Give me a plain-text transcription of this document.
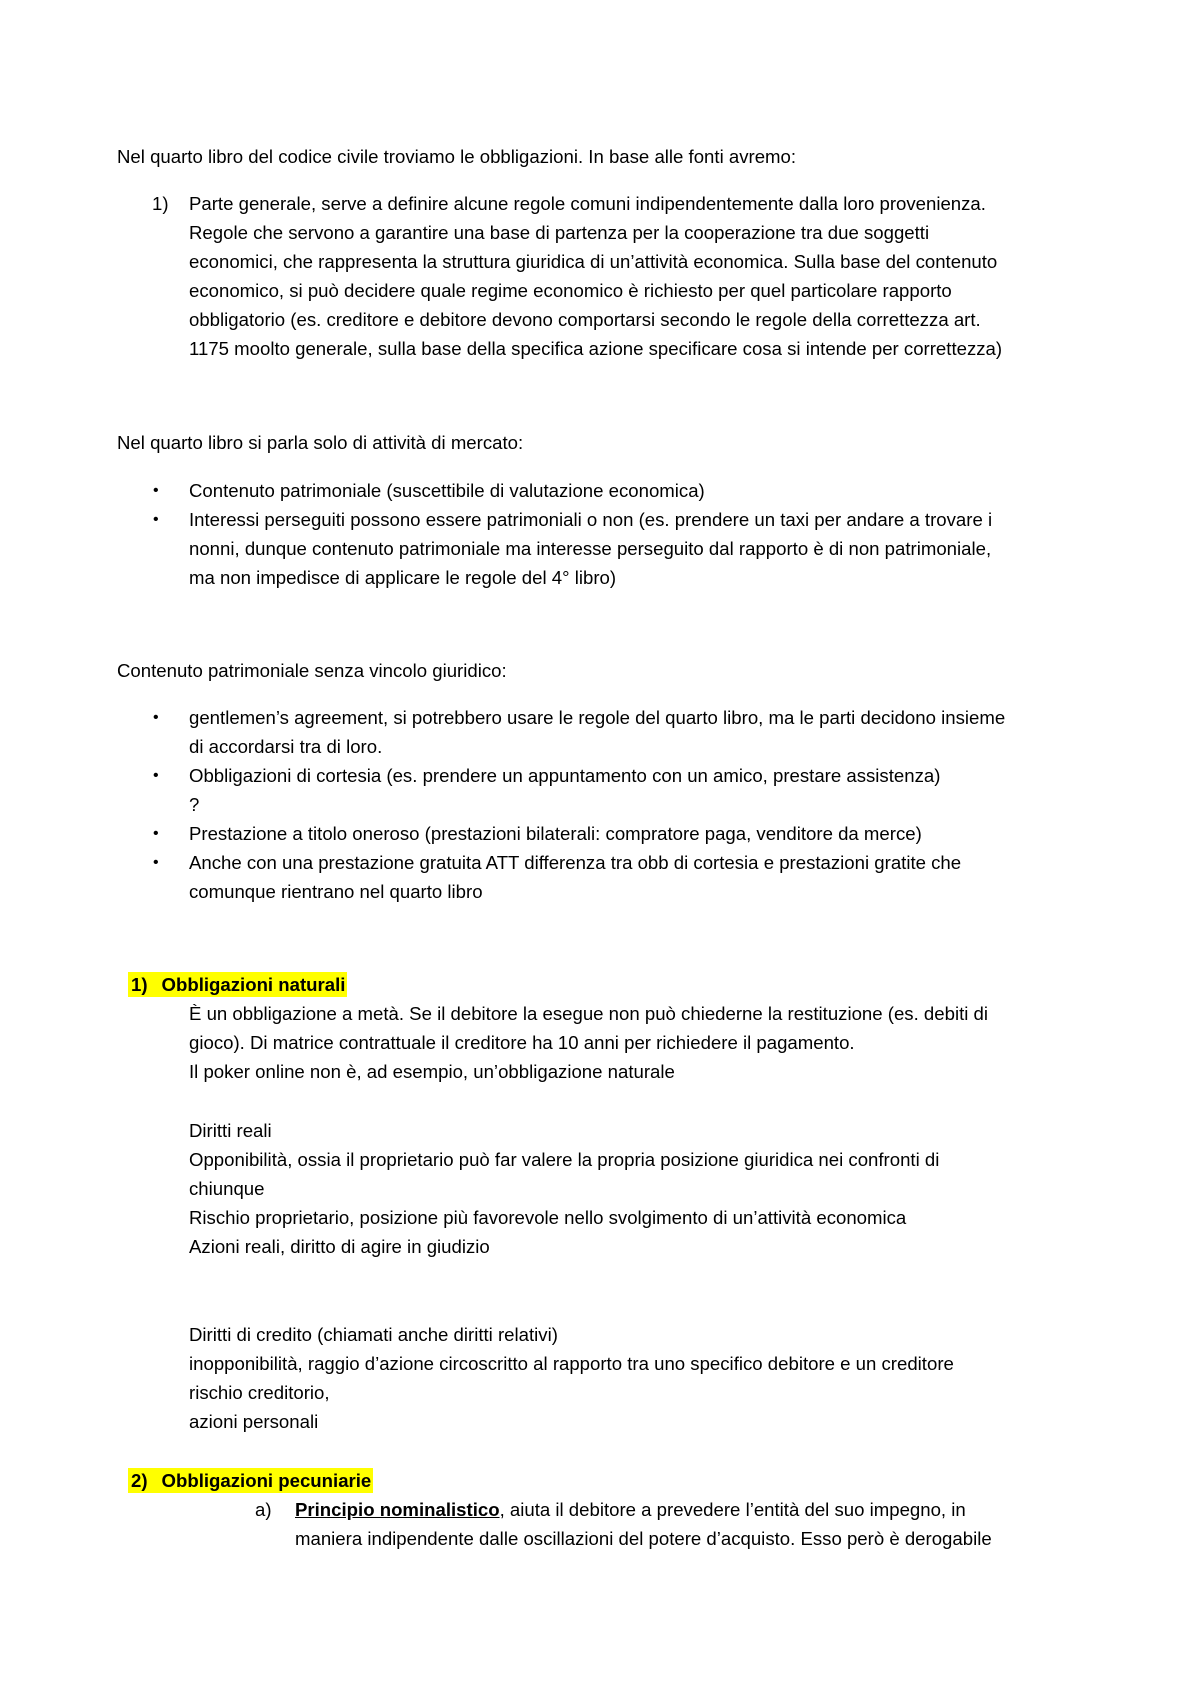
Nel quarto libro del codice civile troviamo le obbligazioni. In base alle fonti avremo:
1) Parte generale, serve a definire alcune regole comuni indipendentemente dalla loro provenienza.
Regole che servono a garantire una base di partenza per la cooperazione tra due soggetti
economici, che rappresenta la struttura giuridica di un’attività economica. Sulla base del contenuto
economico, si può decidere quale regime economico è richiesto per quel particolare rapporto
obbligatorio (es. creditore e debitore devono comportarsi secondo le regole della correttezza art.
1175 moolto generale, sulla base della specifica azione specificare cosa si intende per correttezza)
Nel quarto libro si parla solo di attività di mercato:
• Contenuto patrimoniale (suscettibile di valutazione economica)
• Interessi perseguiti possono essere patrimoniali o non (es. prendere un taxi per andare a trovare i
nonni, dunque contenuto patrimoniale ma interesse perseguito dal rapporto è di non patrimoniale,
ma non impedisce di applicare le regole del 4° libro)
Contenuto patrimoniale senza vincolo giuridico:
• gentlemen’s agreement, si potrebbero usare le regole del quarto libro, ma le parti decidono insieme
di accordarsi tra di loro.
• Obbligazioni di cortesia (es. prendere un appuntamento con un amico, prestare assistenza)
?
• Prestazione a titolo oneroso (prestazioni bilaterali: compratore paga, venditore da merce)
• Anche con una prestazione gratuita ATT differenza tra obb di cortesia e prestazioni gratite che
comunque rientrano nel quarto libro
1) Obbligazioni naturali
È un obbligazione a metà. Se il debitore la esegue non può chiederne la restituzione (es. debiti di
gioco). Di matrice contrattuale il creditore ha 10 anni per richiedere il pagamento.
Il poker online non è, ad esempio, un’obbligazione naturale
Diritti reali
Opponibilità, ossia il proprietario può far valere la propria posizione giuridica nei confronti di
chiunque
Rischio proprietario, posizione più favorevole nello svolgimento di un’attività economica
Azioni reali, diritto di agire in giudizio
Diritti di credito (chiamati anche diritti relativi)
inopponibilità, raggio d’azione circoscritto al rapporto tra uno specifico debitore e un creditore
rischio creditorio,
azioni personali
2) Obbligazioni pecuniarie
a) Principio nominalistico, aiuta il debitore a prevedere l’entità del suo impegno, in
maniera indipendente dalle oscillazioni del potere d’acquisto. Esso però è derogabile
